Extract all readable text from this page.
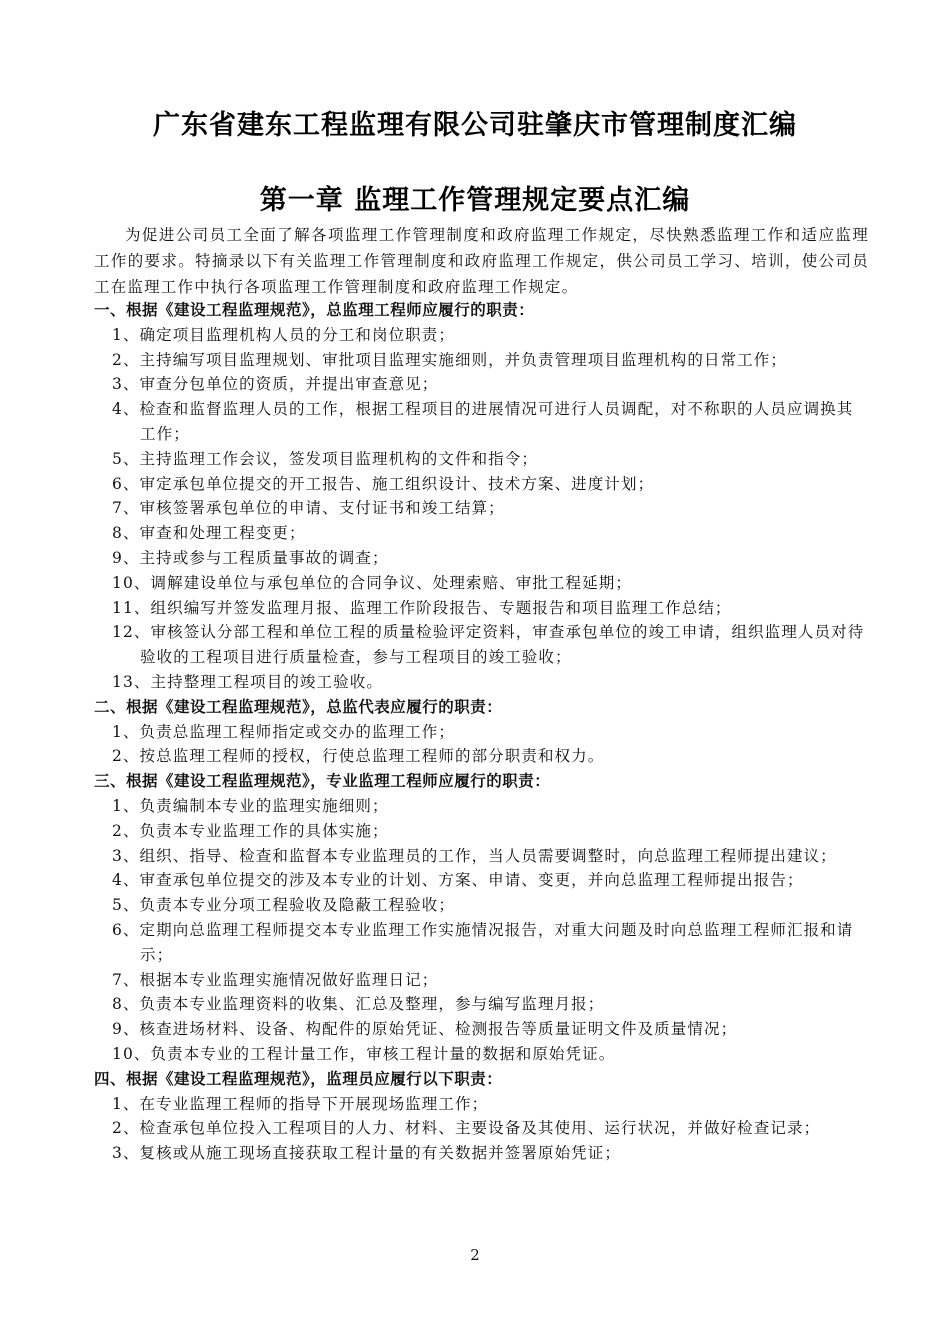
广东省建东工程监理有限公司驻肇庆市管理制度汇编
第一章 监理工作管理规定要点汇编
为促进公司员工全面了解各项监理工作管理制度和政府监理工作规定，尽快熟悉监理工作和适应监理工作的要求。特摘录以下有关监理工作管理制度和政府监理工作规定，供公司员工学习、培训，使公司员工在监理工作中执行各项监理工作管理制度和政府监理工作规定。
一、根据《建设工程监理规范》，总监理工程师应履行的职责：
1、确定项目监理机构人员的分工和岗位职责；
2、主持编写项目监理规划、审批项目监理实施细则，并负责管理项目监理机构的日常工作；
3、审查分包单位的资质，并提出审查意见；
4、检查和监督监理人员的工作，根据工程项目的进展情况可进行人员调配，对不称职的人员应调换其工作；
5、主持监理工作会议，签发项目监理机构的文件和指令；
6、审定承包单位提交的开工报告、施工组织设计、技术方案、进度计划；
7、审核签署承包单位的申请、支付证书和竣工结算；
8、审查和处理工程变更；
9、主持或参与工程质量事故的调查；
10、调解建设单位与承包单位的合同争议、处理索赔、审批工程延期；
11、组织编写并签发监理月报、监理工作阶段报告、专题报告和项目监理工作总结；
12、审核签认分部工程和单位工程的质量检验评定资料，审查承包单位的竣工申请，组织监理人员对待验收的工程项目进行质量检查，参与工程项目的竣工验收；
13、主持整理工程项目的竣工验收。
二、根据《建设工程监理规范》，总监代表应履行的职责：
1、负责总监理工程师指定或交办的监理工作；
2、按总监理工程师的授权，行使总监理工程师的部分职责和权力。
三、根据《建设工程监理规范》，专业监理工程师应履行的职责：
1、负责编制本专业的监理实施细则；
2、负责本专业监理工作的具体实施；
3、组织、指导、检查和监督本专业监理员的工作，当人员需要调整时，向总监理工程师提出建议；
4、审查承包单位提交的涉及本专业的计划、方案、申请、变更，并向总监理工程师提出报告；
5、负责本专业分项工程验收及隐蔽工程验收；
6、定期向总监理工程师提交本专业监理工作实施情况报告，对重大问题及时向总监理工程师汇报和请示；
7、根据本专业监理实施情况做好监理日记；
8、负责本专业监理资料的收集、汇总及整理，参与编写监理月报；
9、核查进场材料、设备、构配件的原始凭证、检测报告等质量证明文件及质量情况；
10、负责本专业的工程计量工作，审核工程计量的数据和原始凭证。
四、根据《建设工程监理规范》，监理员应履行以下职责：
1、在专业监理工程师的指导下开展现场监理工作；
2、检查承包单位投入工程项目的人力、材料、主要设备及其使用、运行状况，并做好检查记录；
3、复核或从施工现场直接获取工程计量的有关数据并签署原始凭证；
2
